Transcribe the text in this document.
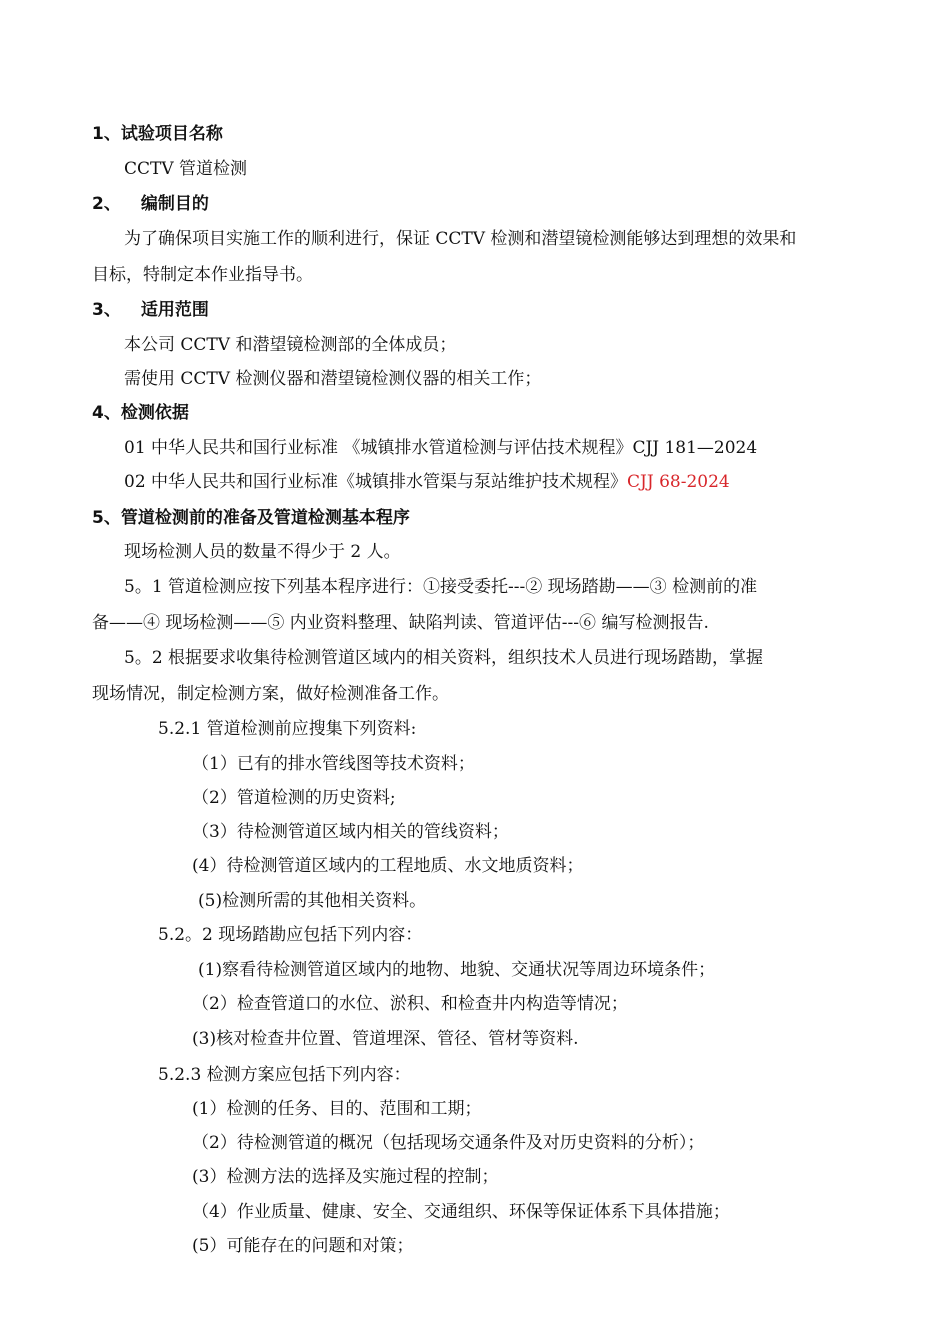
1、试验项目名称
CCTV 管道检测
2、 编制目的
为了确保项目实施工作的顺利进行，保证 CCTV 检测和潜望镜检测能够达到理想的效果和
目标，特制定本作业指导书。
3、 适用范围
本公司 CCTV 和潜望镜检测部的全体成员；
需使用 CCTV 检测仪器和潜望镜检测仪器的相关工作；
4、检测依据
01 中华人民共和国行业标准 《城镇排水管道检测与评估技术规程》CJJ 181—2024
02 中华人民共和国行业标准《城镇排水管渠与泵站维护技术规程》CJJ 68-2024
5、管道检测前的准备及管道检测基本程序
现场检测人员的数量不得少于 2 人。
5。1 管道检测应按下列基本程序进行：①接受委托---② 现场踏勘——③ 检测前的准
备——④ 现场检测——⑤ 内业资料整理、缺陷判读、管道评估---⑥ 编写检测报告.
5。2 根据要求收集待检测管道区域内的相关资料，组织技术人员进行现场踏勘，掌握
现场情况，制定检测方案，做好检测准备工作。
5.2.1 管道检测前应搜集下列资料:
（1）已有的排水管线图等技术资料；
（2）管道检测的历史资料;
（3）待检测管道区域内相关的管线资料；
(4）待检测管道区域内的工程地质、水文地质资料；
(5)检测所需的其他相关资料。
5.2。2 现场踏勘应包括下列内容：
(1)察看待检测管道区域内的地物、地貌、交通状况等周边环境条件；
（2）检查管道口的水位、淤积、和检查井内构造等情况；
(3)核对检查井位置、管道埋深、管径、管材等资料.
5.2.3 检测方案应包括下列内容：
(1）检测的任务、目的、范围和工期；
（2）待检测管道的概况（包括现场交通条件及对历史资料的分析）；
(3）检测方法的选择及实施过程的控制；
（4）作业质量、健康、安全、交通组织、环保等保证体系下具体措施；
(5）可能存在的问题和对策；
